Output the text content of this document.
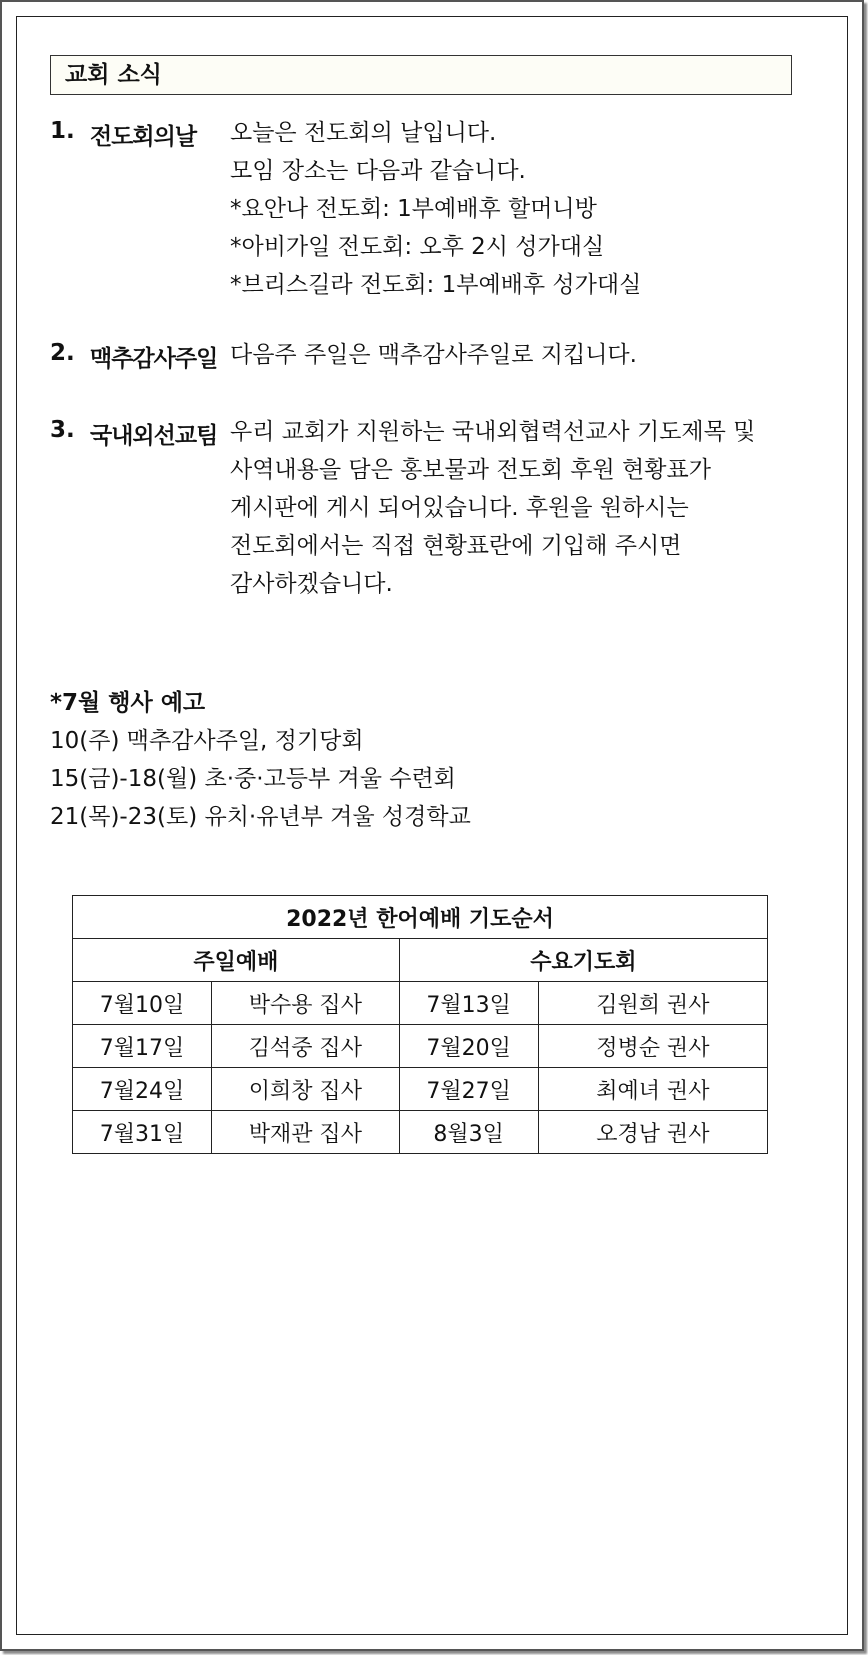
교회 소식
1. 전도회의날 오늘은 전도회의 날입니다.
모임 장소는 다음과 같습니다.
*요안나 전도회: 1부예배후 할머니방
*아비가일 전도회: 오후 2시 성가대실
*브리스길라 전도회: 1부예배후 성가대실
2. 맥추감사주일 다음주 주일은 맥추감사주일로 지킵니다.
3. 국내외선교팀 우리 교회가 지원하는 국내외협력선교사 기도제목 및
사역내용을 담은 홍보물과 전도회 후원 현황표가
게시판에 게시 되어있습니다. 후원을 원하시는
전도회에서는 직접 현황표란에 기입해 주시면
감사하겠습니다.
*7월 행사 예고
10(주) 맥추감사주일, 정기당회
15(금)-18(월) 초·중·고등부 겨울 수련회
21(목)-23(토) 유치·유년부 겨울 성경학교
2022년 한어예배 기도순서			
주일예배		수요기도회	
7월10일	박수용 집사	7월13일	김원희 권사
7월17일	김석중 집사	7월20일	정병순 권사
7월24일	이희창 집사	7월27일	최예녀 권사
7월31일	박재관 집사	8월3일	오경남 권사
